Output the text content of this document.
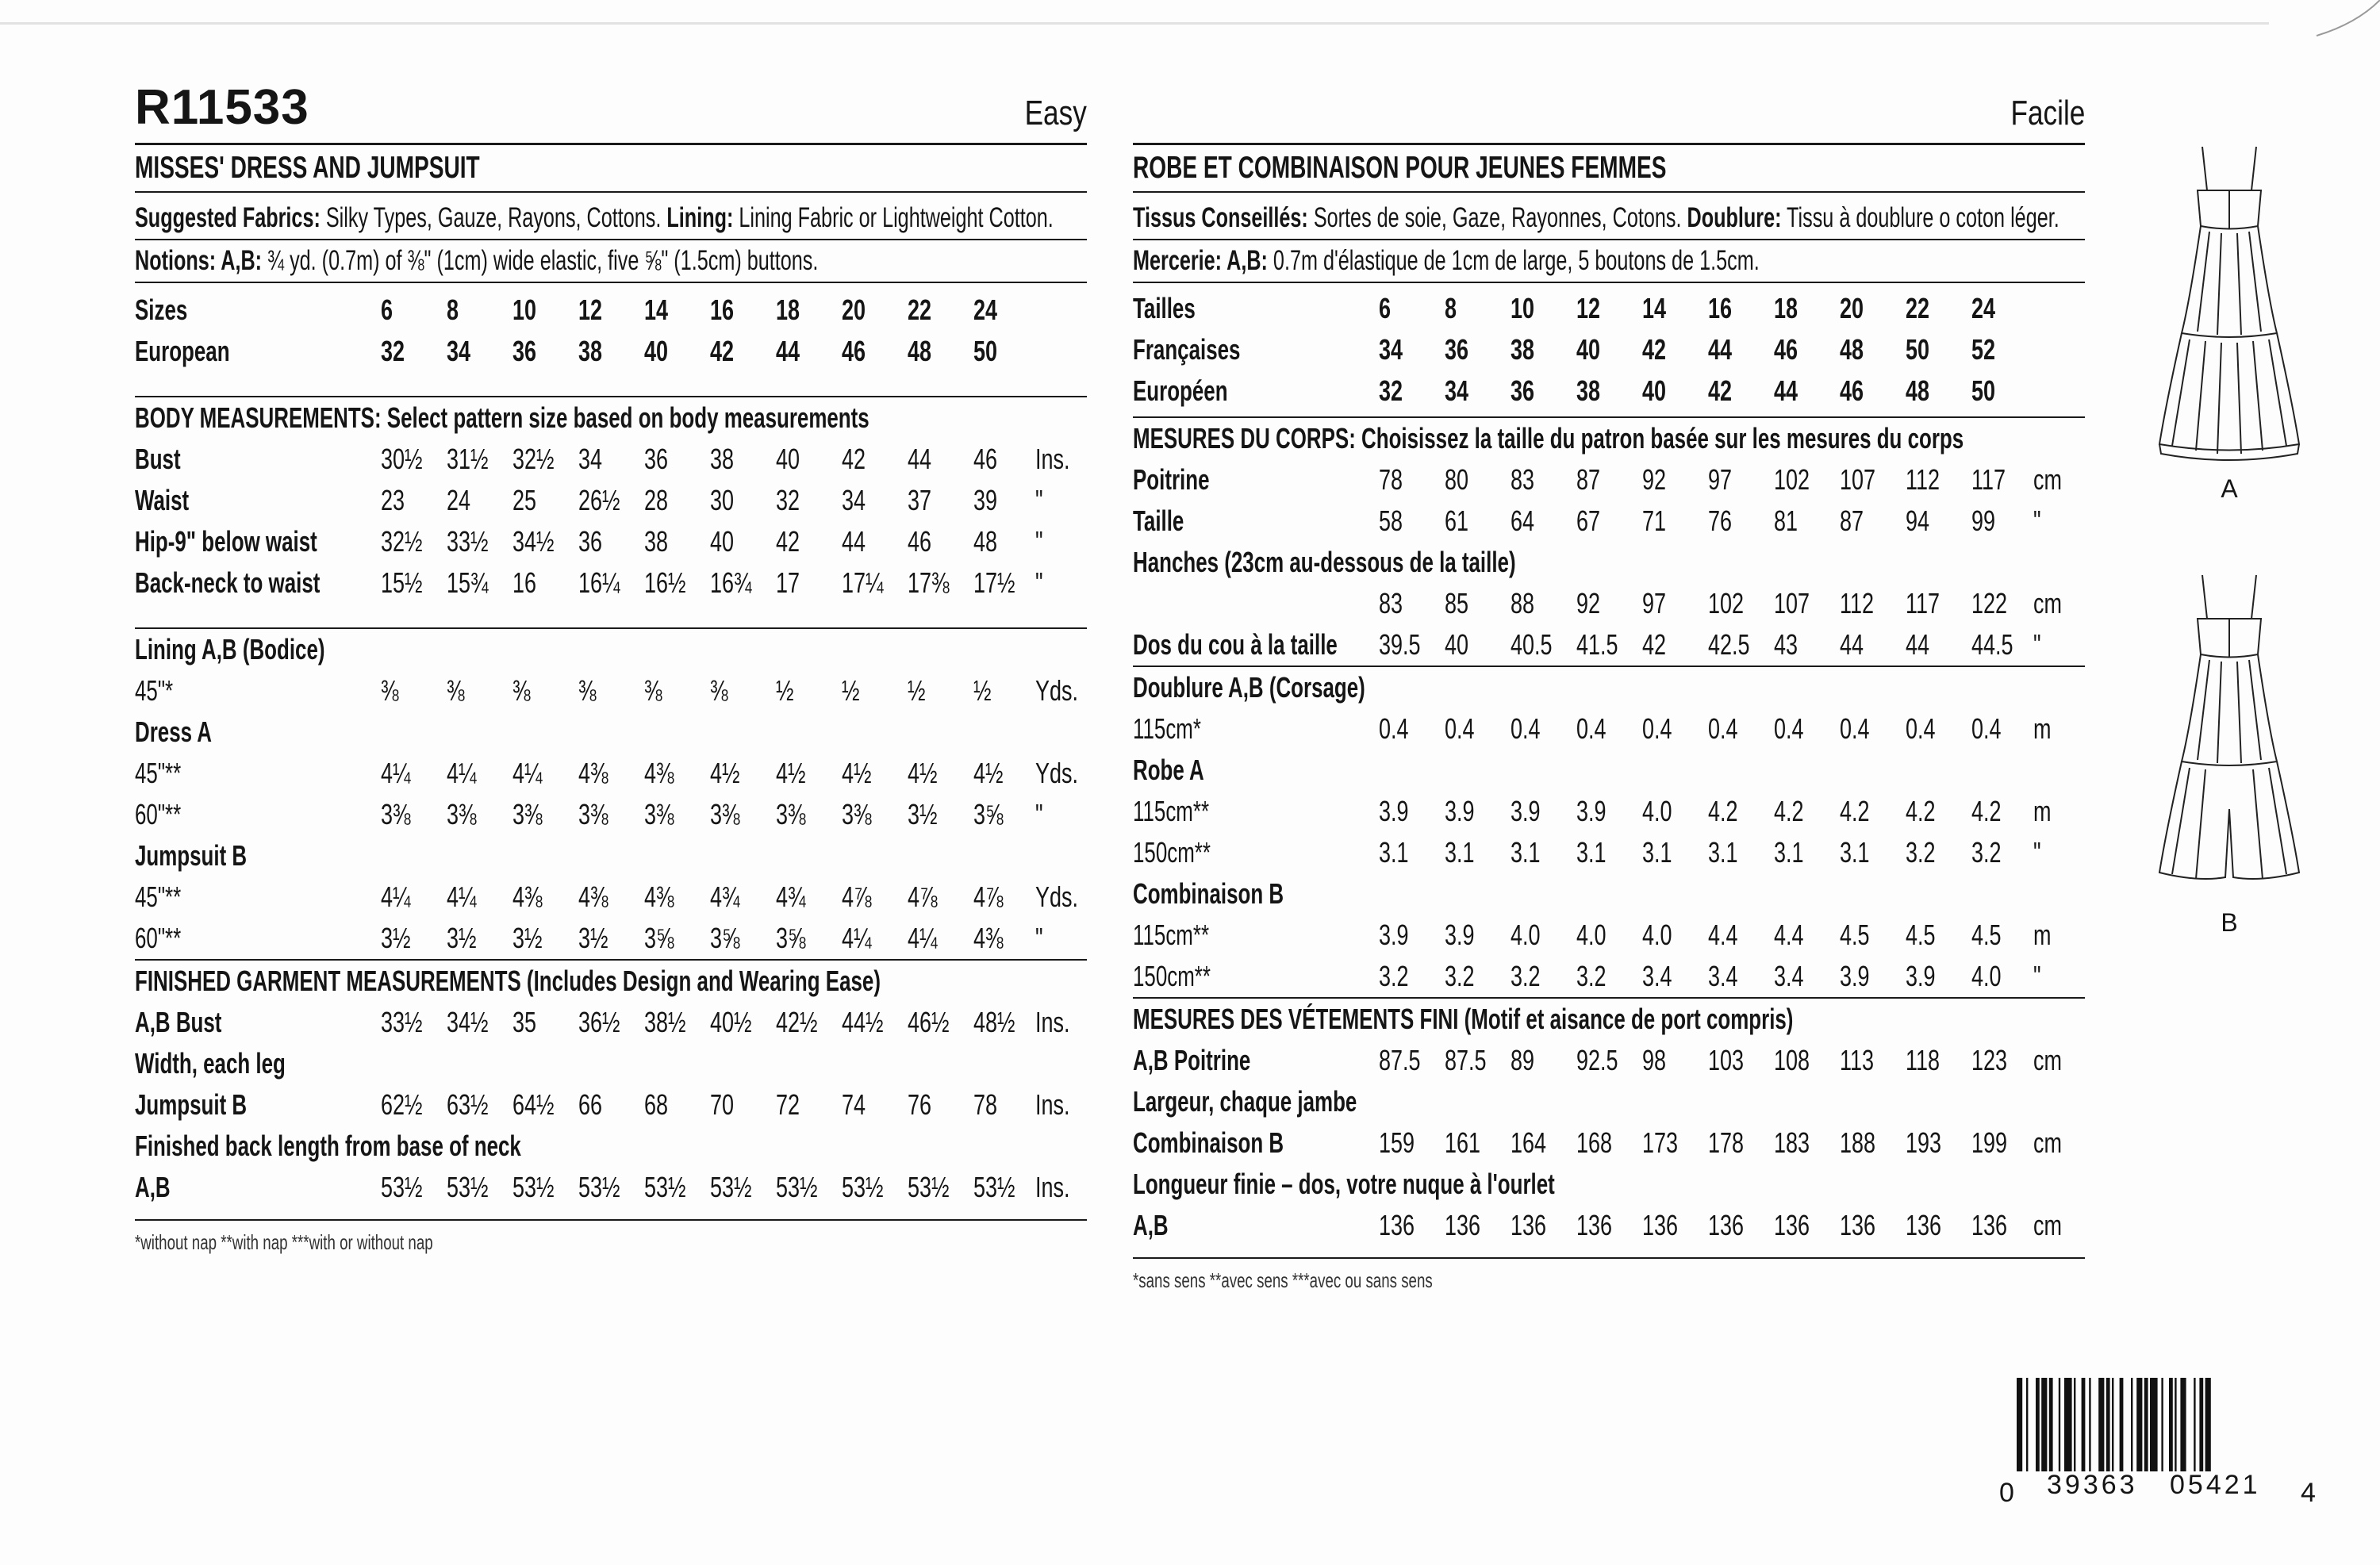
R11533	Easy
MISSES' DRESS AND JUMPSUIT
Suggested Fabrics: Silky Types, Gauze, Rayons, Cottons. Lining: Lining Fabric or Lightweight Cotton.
Notions: A,B: ¾ yd. (0.7m) of ⅜" (1cm) wide elastic, five ⅝" (1.5cm) buttons.
Sizes	6 8 10 12 14 16 18 20 22 24
European	32 34 36 38 40 42 44 46 48 50
BODY MEASUREMENTS: Select pattern size based on body measurements
Bust	30½ 31½ 32½ 34 36 38 40 42 44 46 Ins.
Waist	23 24 25 26½ 28 30 32 34 37 39 "
Hip-9" below waist 32½ 33½ 34½ 36 38 40 42 44 46 48 "
Back-neck to waist 15½ 15¾ 16 16¼ 16½ 16¾ 17 17¼ 17⅜ 17½ "
Lining A,B (Bodice)
45"*	⅜ ⅜ ⅜ ⅜ ⅜ ⅜ ½ ½ ½ ½ Yds.
Dress A
45"**	4¼ 4¼ 4¼ 4⅜ 4⅜ 4½ 4½ 4½ 4½ 4½ Yds.
60"**	3⅜ 3⅜ 3⅜ 3⅜ 3⅜ 3⅜ 3⅜ 3⅜ 3½ 3⅝ "
Jumpsuit B
45"**	4¼ 4¼ 4⅜ 4⅜ 4⅜ 4¾ 4¾ 4⅞ 4⅞ 4⅞ Yds.
60"**	3½ 3½ 3½ 3½ 3⅝ 3⅝ 3⅝ 4¼ 4¼ 4⅜ "
FINISHED GARMENT MEASUREMENTS (Includes Design and Wearing Ease)
A,B Bust	33½ 34½ 35 36½ 38½ 40½ 42½ 44½ 46½ 48½ Ins.
Width, each leg
Jumpsuit B	62½ 63½ 64½ 66 68 70 72 74 76 78 Ins.
Finished back length from base of neck
A,B	53½ 53½ 53½ 53½ 53½ 53½ 53½ 53½ 53½ 53½ Ins.
*without nap **with nap ***with or without nap
Facile
ROBE ET COMBINAISON POUR JEUNES FEMMES
Tissus Conseillés: Sortes de soie, Gaze, Rayonnes, Cotons. Doublure: Tissu à doublure o coton léger.
Mercerie: A,B: 0.7m d'élastique de 1cm de large, 5 boutons de 1.5cm.
Tailles	6 8 10 12 14 16 18 20 22 24
Françaises	34 36 38 40 42 44 46 48 50 52
Européen	32 34 36 38 40 42 44 46 48 50
MESURES DU CORPS: Choisissez la taille du patron basée sur les mesures du corps
Poitrine	78 80 83 87 92 97 102 107 112 117 cm
Taille	58 61 64 67 71 76 81 87 94 99 "
Hanches (23cm au-dessous de la taille)
83 85 88 92 97 102 107 112 117 122 cm
Dos du cou à la taille 39.5 40 40.5 41.5 42 42.5 43 44 44 44.5 "
Doublure A,B (Corsage)
115cm*	0.4 0.4 0.4 0.4 0.4 0.4 0.4 0.4 0.4 0.4 m
Robe A
115cm**	3.9 3.9 3.9 3.9 4.0 4.2 4.2 4.2 4.2 4.2 m
150cm**	3.1 3.1 3.1 3.1 3.1 3.1 3.1 3.1 3.2 3.2 "
Combinaison B
115cm**	3.9 3.9 4.0 4.0 4.0 4.4 4.4 4.5 4.5 4.5 m
150cm**	3.2 3.2 3.2 3.2 3.4 3.4 3.4 3.9 3.9 4.0 "
MESURES DES VÉTEMENTS FINI (Motif et aisance de port compris)
A,B Poitrine	87.5 87.5 89 92.5 98 103 108 113 118 123 cm
Largeur, chaque jambe
Combinaison B	159 161 164 168 173 178 183 188 193 199 cm
Longueur finie – dos, votre nuque à l'ourlet
A,B	136 136 136 136 136 136 136 136 136 136 cm
*sans sens **avec sens ***avec ou sans sens
A
B
0 39363 05421 4
